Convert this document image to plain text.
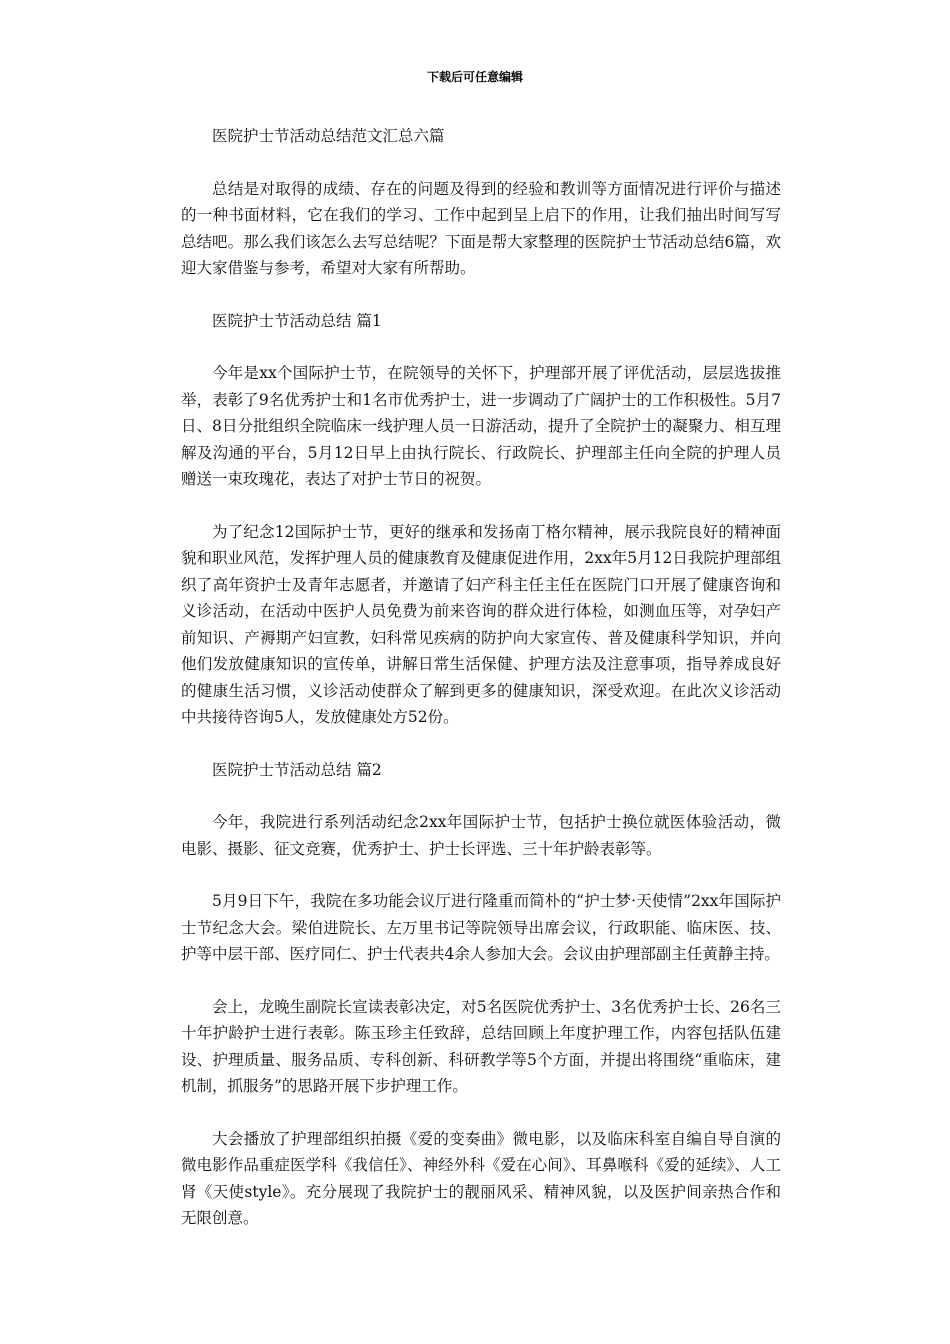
下载后可任意编辑

医院护士节活动总结范文汇总六篇

总结是对取得的成绩、存在的问题及得到的经验和教训等方面情况进行评价与描述的一种书面材料，它在我们的学习、工作中起到呈上启下的作用，让我们抽出时间写写总结吧。那么我们该怎么去写总结呢？下面是帮大家整理的医院护士节活动总结6篇，欢迎大家借鉴与参考，希望对大家有所帮助。

医院护士节活动总结 篇1

今年是xx个国际护士节，在院领导的关怀下，护理部开展了评优活动，层层选拔推举，表彰了9名优秀护士和1名市优秀护士，进一步调动了广阔护士的工作积极性。5月7日、8日分批组织全院临床一线护理人员一日游活动，提升了全院护士的凝聚力、相互理解及沟通的平台，5月12日早上由执行院长、行政院长、护理部主任向全院的护理人员赠送一束玫瑰花，表达了对护士节日的祝贺。

为了纪念12国际护士节，更好的继承和发扬南丁格尔精神，展示我院良好的精神面貌和职业风范，发挥护理人员的健康教育及健康促进作用，2xx年5月12日我院护理部组织了高年资护士及青年志愿者，并邀请了妇产科主任主任在医院门口开展了健康咨询和义诊活动，在活动中医护人员免费为前来咨询的群众进行体检，如测血压等，对孕妇产前知识、产褥期产妇宣教，妇科常见疾病的防护向大家宣传、普及健康科学知识，并向他们发放健康知识的宣传单，讲解日常生活保健、护理方法及注意事项，指导养成良好的健康生活习惯，义诊活动使群众了解到更多的健康知识，深受欢迎。在此次义诊活动中共接待咨询5人，发放健康处方52份。

医院护士节活动总结 篇2

今年，我院进行系列活动纪念2xx年国际护士节，包括护士换位就医体验活动，微电影、摄影、征文竞赛，优秀护士、护士长评选、三十年护龄表彰等。

5月9日下午，我院在多功能会议厅进行隆重而简朴的“护士梦·天使情”2xx年国际护士节纪念大会。梁伯进院长、左万里书记等院领导出席会议，行政职能、临床医、技、护等中层干部、医疗同仁、护士代表共4余人参加大会。会议由护理部副主任黄静主持。

会上，龙晚生副院长宣读表彰决定，对5名医院优秀护士、3名优秀护士长、26名三十年护龄护士进行表彰。陈玉珍主任致辞，总结回顾上年度护理工作，内容包括队伍建设、护理质量、服务品质、专科创新、科研教学等5个方面，并提出将围绕“重临床，建机制，抓服务”的思路开展下步护理工作。

大会播放了护理部组织拍摄《爱的变奏曲》微电影，以及临床科室自编自导自演的微电影作品重症医学科《我信任》、神经外科《爱在心间》、耳鼻喉科《爱的延续》、人工肾《天使style》。充分展现了我院护士的靓丽风采、精神风貌，以及医护间亲热合作和无限创意。
